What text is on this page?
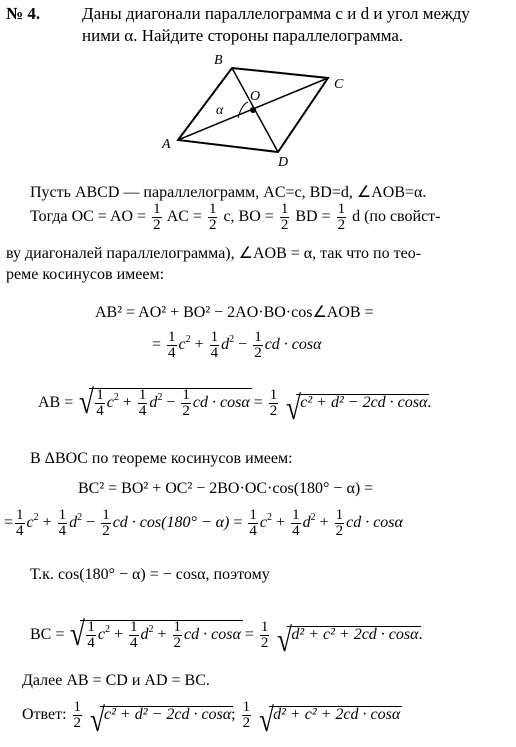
№ 4. Даны диагонали параллелограмма c и d и угол между
ними α. Найдите стороны параллелограмма.
A
B
C
D
O
α
Пусть ABCD — параллелограмм, AC=c, BD=d, ∠AOB=α.
Тогда OC = AO = $\frac{1}{2}$ AC = $\frac{1}{2} c$, BO = $\frac{1}{2}$ BD = $\frac{1}{2}$ d (по свойст-
ву диагоналей параллелограмма), ∠AOB = α, так что по тео-
реме косинусов имеем:
AB² = AO² + BO² − 2AO·BO·cos∠AOB =
= $\frac{1}{4} c^2 + \frac{1}{4} d^2 - \frac{1}{2}$ cd · cosα
AB = √ $\frac{1}{4} c^2 + \frac{1}{4} d^2 - \frac{1}{2}$ cd · $\cos\alpha = \frac{1}{2}$
√ c² + d² − 2cd · cosα.
В ΔBOC по теореме косинусов имеем:
BC² = BO² + OC² − 2BO·OC·cos(180° − α) =
= $\frac{1}{4} c^2 + \frac{1}{4} d^2 - \frac{1}{2}$ cd · $\cos(180^\circ - \alpha) = \frac{1}{4} c^2 + \frac{1}{4} d^2 + \frac{1}{2}$ cd · cosα
Т.к. cos(180° − α) = − cosα, поэтому
BC = √ $\frac{1}{4} c^2 + \frac{1}{4} d^2 + \frac{1}{2}$ cd · $\cos\alpha = \frac{1}{2}$
√ d² + c² + 2cd · cosα.
Далее AB = CD и AD = BC.
Ответ: $\frac{1}{2}$
√ c² + d² − 2cd · cosα; $\frac{1}{2}$
√ d² + c² + 2cd · cosα
